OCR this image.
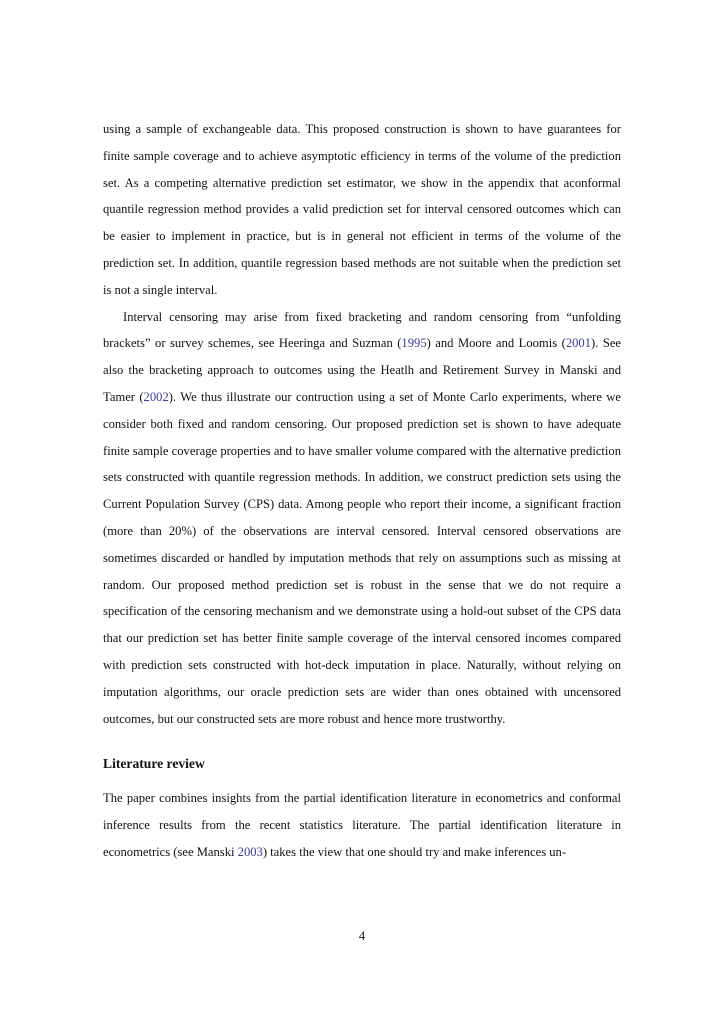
using a sample of exchangeable data. This proposed construction is shown to have guarantees for finite sample coverage and to achieve asymptotic efficiency in terms of the volume of the prediction set. As a competing alternative prediction set estimator, we show in the appendix that aconformal quantile regression method provides a valid prediction set for interval censored outcomes which can be easier to implement in practice, but is in general not efficient in terms of the volume of the prediction set. In addition, quantile regression based methods are not suitable when the prediction set is not a single interval.

Interval censoring may arise from fixed bracketing and random censoring from “unfolding brackets” or survey schemes, see Heeringa and Suzman (1995) and Moore and Loomis (2001). See also the bracketing approach to outcomes using the Heatlh and Retirement Survey in Manski and Tamer (2002). We thus illustrate our contruction using a set of Monte Carlo experiments, where we consider both fixed and random censoring. Our proposed prediction set is shown to have adequate finite sample coverage properties and to have smaller volume compared with the alternative prediction sets constructed with quantile regression methods. In addition, we construct prediction sets using the Current Population Survey (CPS) data. Among people who report their income, a significant fraction (more than 20%) of the observations are interval censored. Interval censored observations are sometimes discarded or handled by imputation methods that rely on assumptions such as missing at random. Our proposed method prediction set is robust in the sense that we do not require a specification of the censoring mechanism and we demonstrate using a hold-out subset of the CPS data that our prediction set has better finite sample coverage of the interval censored incomes compared with prediction sets constructed with hot-deck imputation in place. Naturally, without relying on imputation algorithms, our oracle prediction sets are wider than ones obtained with uncensored outcomes, but our constructed sets are more robust and hence more trustworthy.

Literature review

The paper combines insights from the partial identification literature in econometrics and conformal inference results from the recent statistics literature. The partial identification literature in econometrics (see Manski 2003) takes the view that one should try and make inferences un-

4
